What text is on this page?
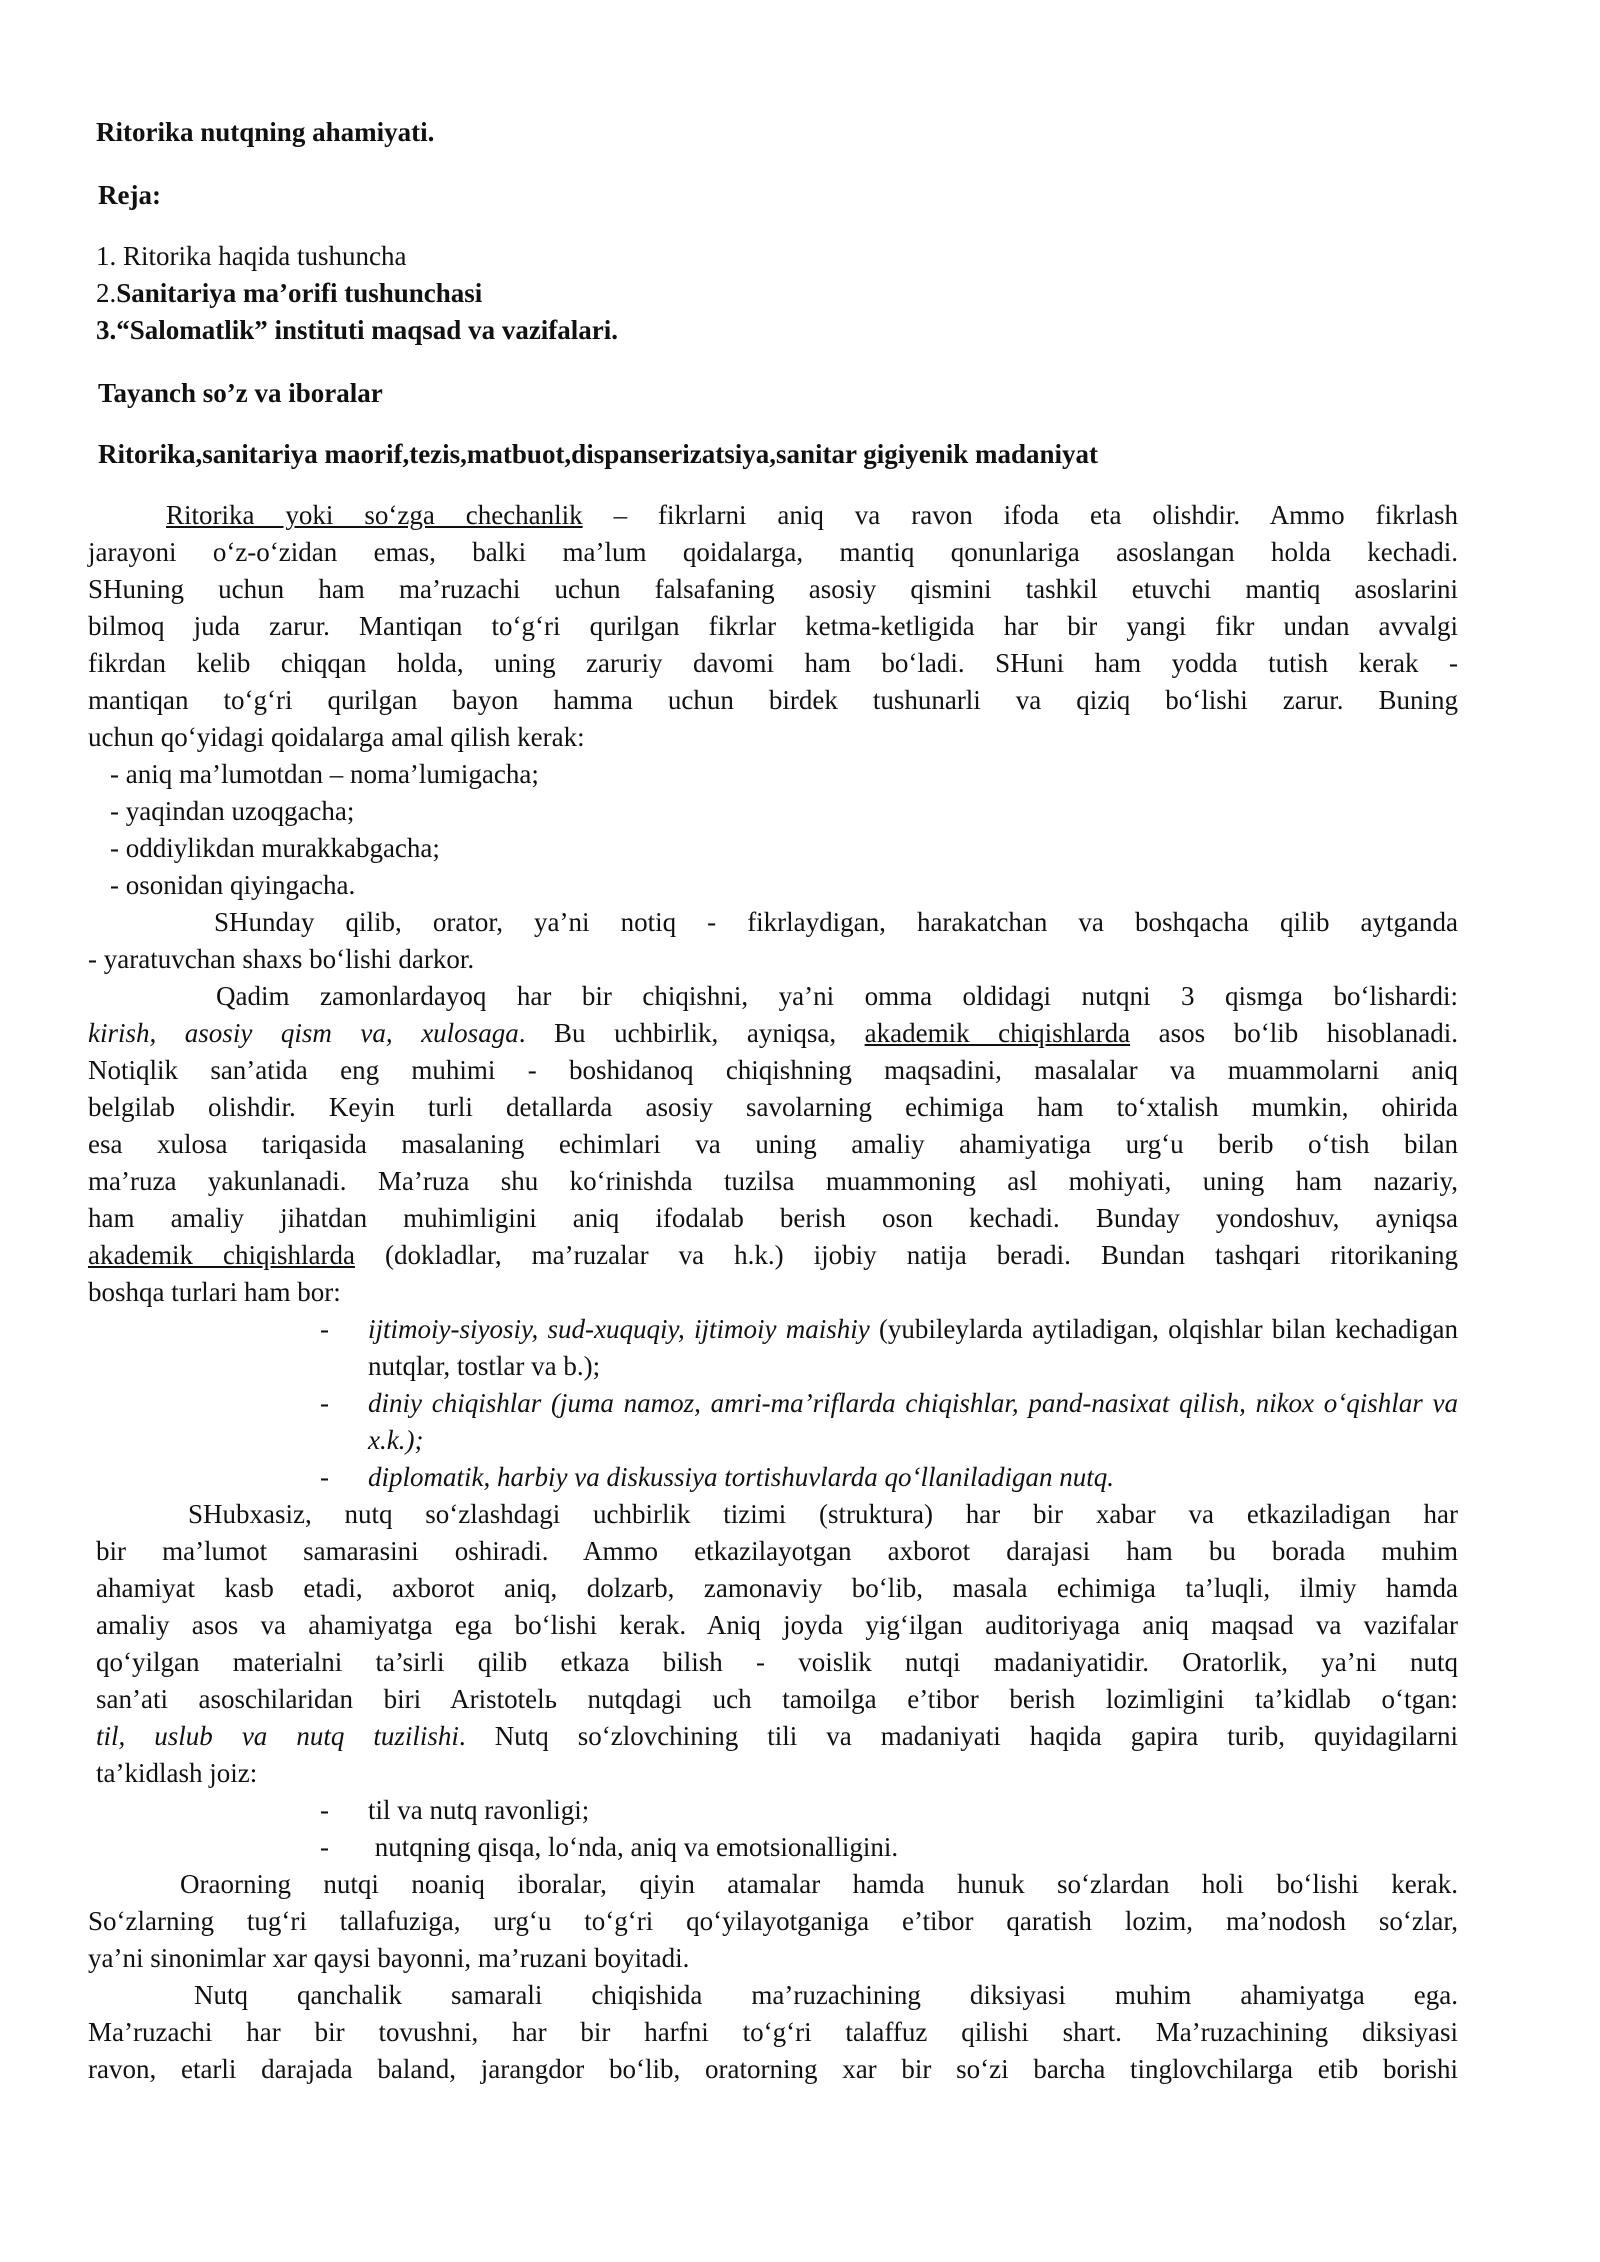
Ritorika nutqning ahamiyati.
Reja:
1. Ritorika haqida tushuncha
2.Sanitariya ma’orifi tushunchasi
3.“Salomatlik” instituti maqsad va vazifalari.
Tayanch so’z va iboralar
Ritorika,sanitariya maorif,tezis,matbuot,dispanserizatsiya,sanitar gigiyenik madaniyat
Ritorika yoki so‘zga chechanlik – fikrlarni aniq va ravon ifoda eta olishdir. Ammo fikrlash
jarayoni o‘z-o‘zidan emas, balki ma’lum qoidalarga, mantiq qonunlariga asoslangan holda kechadi.
SHuning uchun ham ma’ruzachi uchun falsafaning asosiy qismini tashkil etuvchi mantiq asoslarini
bilmoq juda zarur. Mantiqan to‘g‘ri qurilgan fikrlar ketma-ketligida har bir yangi fikr undan avvalgi
fikrdan kelib chiqqan holda, uning zaruriy davomi ham bo‘ladi. SHuni ham yodda tutish kerak -
mantiqan to‘g‘ri qurilgan bayon hamma uchun birdek tushunarli va qiziq bo‘lishi zarur. Buning
uchun qo‘yidagi qoidalarga amal qilish kerak:
- aniq ma’lumotdan – noma’lumigacha;
- yaqindan uzoqgacha;
- oddiylikdan murakkabgacha;
- osonidan qiyingacha.
SHunday qilib, orator, ya’ni notiq - fikrlaydigan, harakatchan va boshqacha qilib aytganda
- yaratuvchan shaxs bo‘lishi darkor.
Qadim zamonlardayoq har bir chiqishni, ya’ni omma oldidagi nutqni 3 qismga bo‘lishardi:
kirish, asosiy qism va, xulosaga. Bu uchbirlik, ayniqsa, akademik chiqishlarda asos bo‘lib hisoblanadi.
Notiqlik san’atida eng muhimi - boshidanoq chiqishning maqsadini, masalalar va muammolarni aniq
belgilab olishdir. Keyin turli detallarda asosiy savolarning echimiga ham to‘xtalish mumkin, ohirida
esa xulosa tariqasida masalaning echimlari va uning amaliy ahamiyatiga urg‘u berib o‘tish bilan
ma’ruza yakunlanadi. Ma’ruza shu ko‘rinishda tuzilsa muammoning asl mohiyati, uning ham nazariy,
ham amaliy jihatdan muhimligini aniq ifodalab berish oson kechadi. Bunday yondoshuv, ayniqsa
akademik chiqishlarda (dokladlar, ma’ruzalar va h.k.) ijobiy natija beradi. Bundan tashqari ritorikaning
boshqa turlari ham bor:
- ijtimoiy-siyosiy, sud-xuquqiy, ijtimoiy maishiy (yubileylarda aytiladigan, olqishlar bilan kechadigan nutqlar, tostlar va b.);
- diniy chiqishlar (juma namoz, amri-ma’riflarda chiqishlar, pand-nasixat qilish, nikox o‘qishlar va x.k.);
- diplomatik, harbiy va diskussiya tortishuvlarda qo‘llaniladigan nutq.
SHubxasiz, nutq so‘zlashdagi uchbirlik tizimi (struktura) har bir xabar va etkaziladigan har
bir ma’lumot samarasini oshiradi. Ammo etkazilayotgan axborot darajasi ham bu borada muhim
ahamiyat kasb etadi, axborot aniq, dolzarb, zamonaviy bo‘lib, masala echimiga ta’luqli, ilmiy hamda
amaliy asos va ahamiyatga ega bo‘lishi kerak. Aniq joyda yig‘ilgan auditoriyaga aniq maqsad va vazifalar
qo‘yilgan materialni ta’sirli qilib etkaza bilish - voislik nutqi madaniyatidir. Oratorlik, ya’ni nutq
san’ati asoschilaridan biri Aristotelь nutqdagi uch tamoilga e’tibor berish lozimligini ta’kidlab o‘tgan:
til, uslub va nutq tuzilishi. Nutq so‘zlovchining tili va madaniyati haqida gapira turib, quyidagilarni
ta’kidlash joiz:
- til va nutq ravonligi;
- nutqning qisqa, lo‘nda, aniq va emotsionalligini.
Oraorning nutqi noaniq iboralar, qiyin atamalar hamda hunuk so‘zlardan holi bo‘lishi kerak.
So‘zlarning tug‘ri tallafuziga, urg‘u to‘g‘ri qo‘yilayotganiga e’tibor qaratish lozim, ma’nodosh so‘zlar,
ya’ni sinonimlar xar qaysi bayonni, ma’ruzani boyitadi.
Nutq qanchalik samarali chiqishida ma’ruzachining diksiyasi muhim ahamiyatga ega.
Ma’ruzachi har bir tovushni, har bir harfni to‘g‘ri talaffuz qilishi shart. Ma’ruzachining diksiyasi
ravon, etarli darajada baland, jarangdor bo‘lib, oratorning xar bir so‘zi barcha tinglovchilarga etib borishi
